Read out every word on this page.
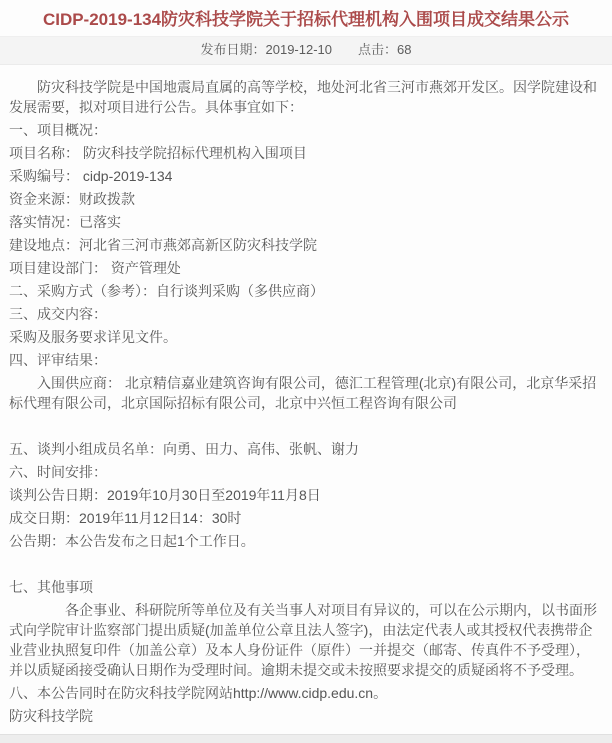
CIDP-2019-134防灾科技学院关于招标代理机构入围项目成交结果公示
发布日期：2019-12-10 点击：68

防灾科技学院是中国地震局直属的高等学校，地处河北省三河市燕郊开发区。因学院建设和发展需要，拟对项目进行公告。具体事宜如下：

一、项目概况：

项目名称： 防灾科技学院招标代理机构入围项目

采购编号： cidp-2019-134

资金来源：财政拨款

落实情况：已落实

建设地点：河北省三河市燕郊高新区防灾科技学院

项目建设部门： 资产管理处

二、采购方式（参考）：自行谈判采购（多供应商）

三、成交内容：

采购及服务要求详见文件。

四、评审结果：

入围供应商： 北京精信嘉业建筑咨询有限公司，德汇工程管理(北京)有限公司，北京华采招标代理有限公司，北京国际招标有限公司，北京中兴恒工程咨询有限公司

五、谈判小组成员名单：向勇、田力、高伟、张帆、谢力

六、时间安排：

谈判公告日期：2019年10月30日至2019年11月8日

成交日期：2019年11月12日14：30时

公告期：本公告发布之日起1个工作日。

七、其他事项

各企事业、科研院所等单位及有关当事人对项目有异议的，可以在公示期内，以书面形式向学院审计监察部门提出质疑(加盖单位公章且法人签字)，由法定代表人或其授权代表携带企业营业执照复印件（加盖公章）及本人身份证件（原件）一并提交（邮寄、传真件不予受理），并以质疑函接受确认日期作为受理时间。逾期未提交或未按照要求提交的质疑函将不予受理。

八、本公告同时在防灾科技学院网站http://www.cidp.edu.cn。

防灾科技学院
